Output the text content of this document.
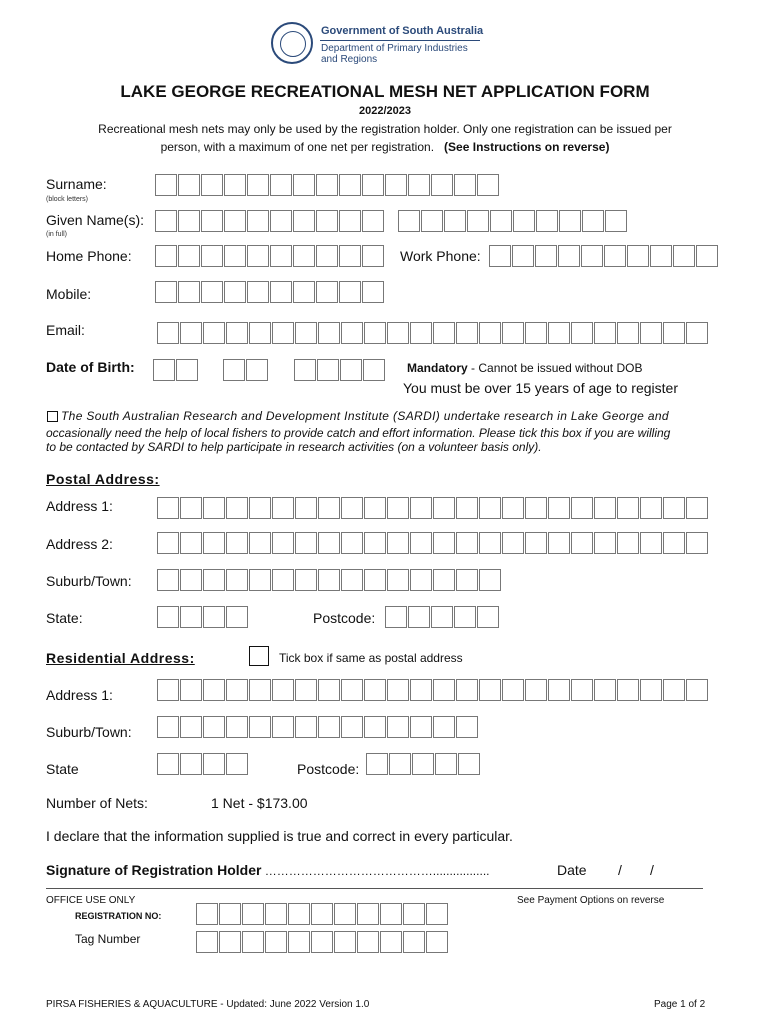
Government of South Australia
Department of Primary Industries
and Regions
LAKE GEORGE RECREATIONAL MESH NET APPLICATION FORM
2022/2023
Recreational mesh nets may only be used by the registration holder. Only one registration can be issued per
person, with a maximum of one net per registration. (See Instructions on reverse)
Surname:
(block letters)
Given Name(s):
(in full)
Home Phone:	Work Phone:
Mobile:
Email:
Date of Birth:	Mandatory - Cannot be issued without DOB
You must be over 15 years of age to register
The South Australian Research and Development Institute (SARDI) undertake research in Lake George and
occasionally need the help of local fishers to provide catch and effort information. Please tick this box if you are willing
to be contacted by SARDI to help participate in research activities (on a volunteer basis only).
Postal Address:
Address 1:
Address 2:
Suburb/Town:
State:	Postcode:
Residential Address:	Tick box if same as postal address
Address 1:
Suburb/Town:
State	Postcode:
Number of Nets:	1 Net - $173.00
I declare that the information supplied is true and correct in every particular.
Signature of Registration Holder …………………………………….................	Date / /
OFFICE USE ONLY	See Payment Options on reverse
REGISTRATION NO:
Tag Number
PIRSA FISHERIES & AQUACULTURE - Updated: June 2022 Version 1.0	Page 1 of 2
